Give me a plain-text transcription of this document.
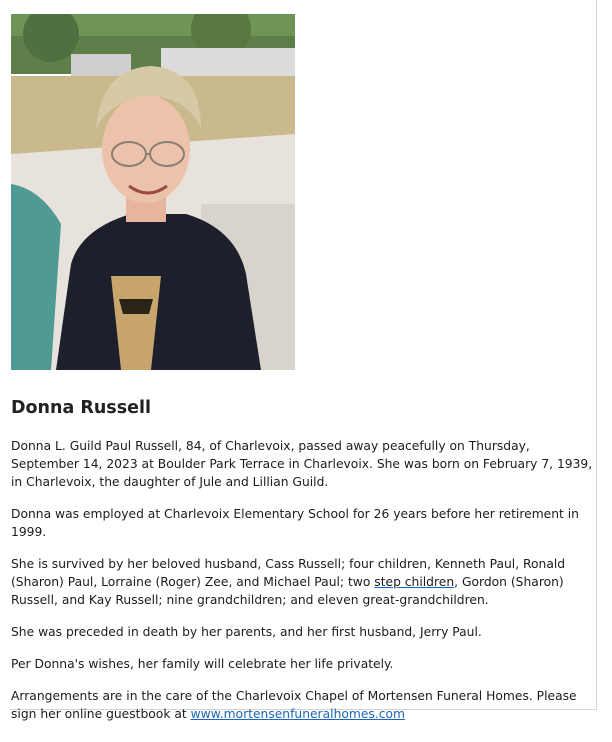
Donna Russell

Donna L. Guild Paul Russell, 84, of Charlevoix, passed away peacefully on Thursday, September 14, 2023 at Boulder Park Terrace in Charlevoix. She was born on February 7, 1939, in Charlevoix, the daughter of Jule and Lillian Guild.

Donna was employed at Charlevoix Elementary School for 26 years before her retirement in 1999.

She is survived by her beloved husband, Cass Russell; four children, Kenneth Paul, Ronald (Sharon) Paul, Lorraine (Roger) Zee, and Michael Paul; two step children, Gordon (Sharon) Russell, and Kay Russell; nine grandchildren; and eleven great-grandchildren.

She was preceded in death by her parents, and her first husband, Jerry Paul.

Per Donna's wishes, her family will celebrate her life privately.

Arrangements are in the care of the Charlevoix Chapel of Mortensen Funeral Homes. Please sign her online guestbook at www.mortensenfuneralhomes.com
